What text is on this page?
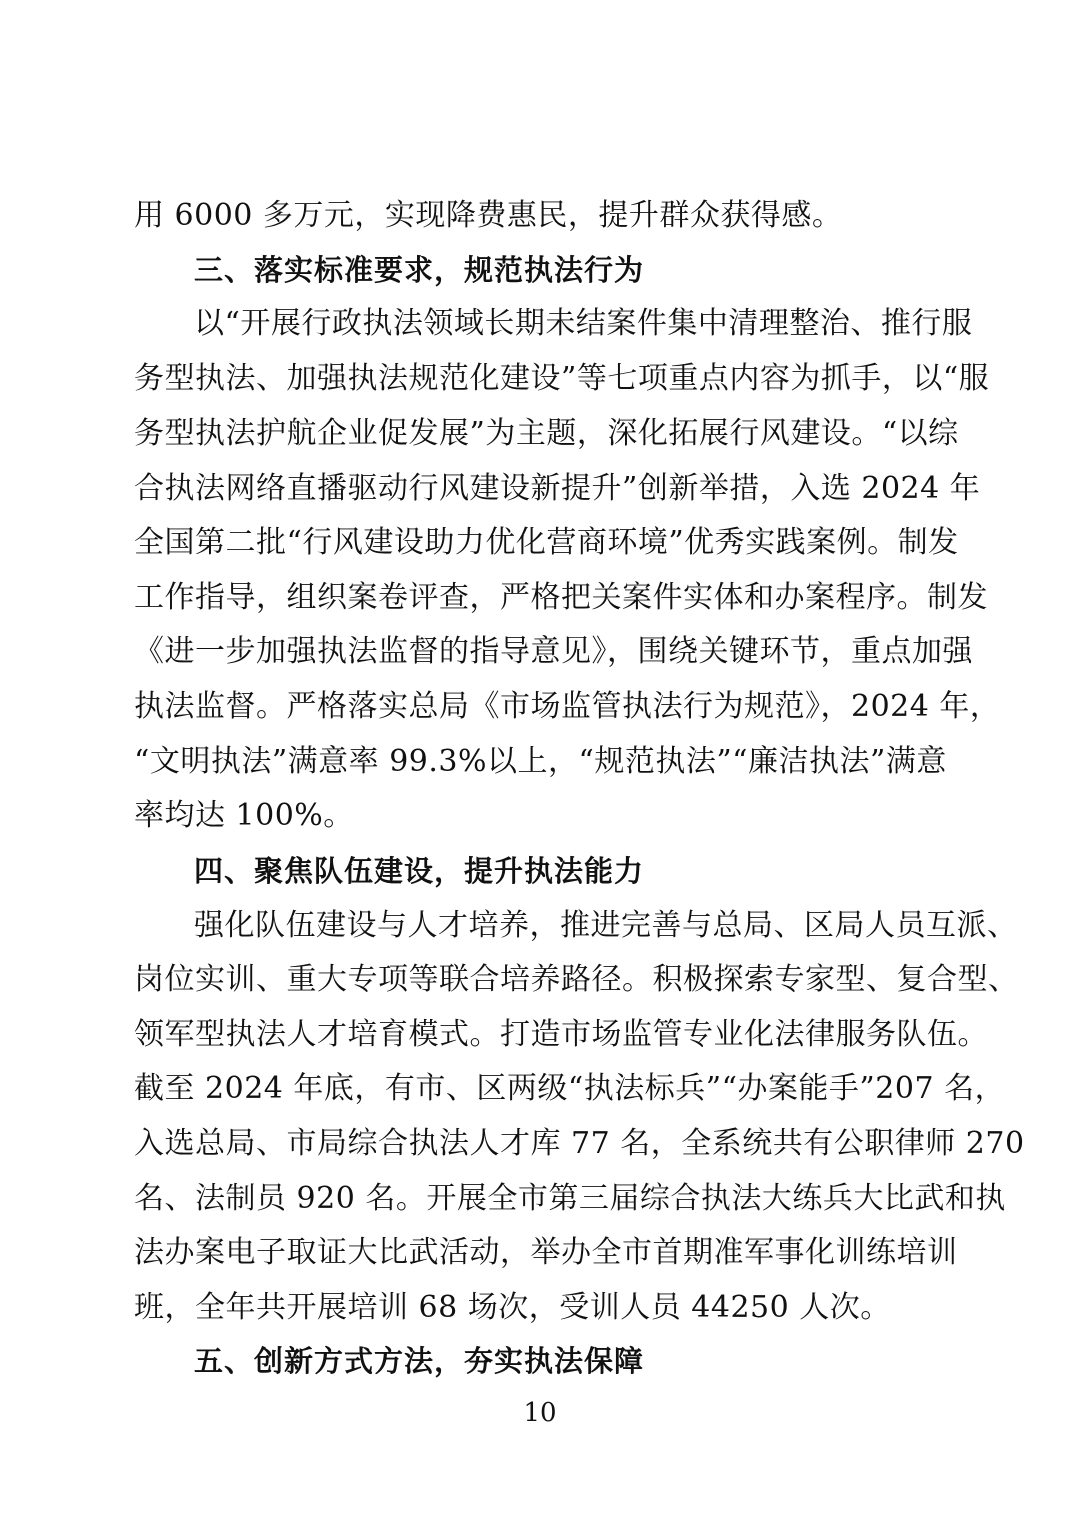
用 6000 多万元，实现降费惠民，提升群众获得感。
三、落实标准要求，规范执法行为
以“开展行政执法领域长期未结案件集中清理整治、推行服
务型执法、加强执法规范化建设”等七项重点内容为抓手，以“服
务型执法护航企业促发展”为主题，深化拓展行风建设。“以综
合执法网络直播驱动行风建设新提升”创新举措，入选 2024 年
全国第二批“行风建设助力优化营商环境”优秀实践案例。制发
工作指导，组织案卷评查，严格把关案件实体和办案程序。制发
《进一步加强执法监督的指导意见》，围绕关键环节，重点加强
执法监督。严格落实总局《市场监管执法行为规范》，2024 年，
“文明执法”满意率 99.3%以上，“规范执法”“廉洁执法”满意
率均达 100%。
四、聚焦队伍建设，提升执法能力
强化队伍建设与人才培养，推进完善与总局、区局人员互派、
岗位实训、重大专项等联合培养路径。积极探索专家型、复合型、
领军型执法人才培育模式。打造市场监管专业化法律服务队伍。
截至 2024 年底，有市、区两级“执法标兵”“办案能手”207 名，
入选总局、市局综合执法人才库 77 名，全系统共有公职律师 270
名、法制员 920 名。开展全市第三届综合执法大练兵大比武和执
法办案电子取证大比武活动，举办全市首期准军事化训练培训
班，全年共开展培训 68 场次，受训人员 44250 人次。
五、创新方式方法，夯实执法保障
10
